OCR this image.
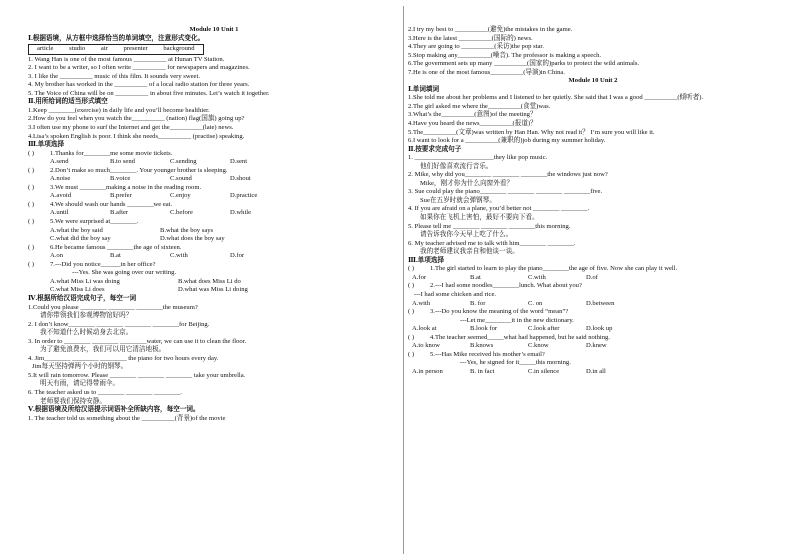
Module 10 Unit 1
Ⅰ.根据语境，从方框中选择恰当的单词填空，注意形式变化。
article studio air presenter background
1. Wang Han is one of the most famous __________ at Hunan TV Station.
2. I want to be a writer, so I often write __________ for newspapers and magazines.
3. I like the __________ music of this film. It sounds very sweet.
4. My brother has worked in the __________ of a local radio station for three years.
5. The Voice of China will be on __________ in about five minutes. Let’s watch it together.
Ⅱ.用所给词的适当形式填空
1.Keep ________(exercise) in daily life and you’ll become healthier.
2.How do you feel when you watch the__________ (nation) flag(国旗) going up?
3.I often use my phone to surf the Internet and get the__________(late) news.
4.Lisa’s spoken English is poor. I think she needs__________ (practise) speaking.
Ⅲ.单项选择
( ) 1.Thanks for________me some movie tickets.
A.send	B.to send	C.sending	D.sent
( ) 2.Don’t make so much________. Your younger brother is sleeping.
A.noise	B.voice	C.sound	D.shout
( ) 3.We must ________making a noise in the reading room.
A.avoid	B.prefer	C.enjoy	D.practice
( ) 4.We should wash our hands ________we eat.
A.until	B.after	C.before	D.while
( ) 5.We were surprised at________.
A.what the boy said	B.what the boy says
C.what did the boy say	D.what does the boy say
( ) 6.He became famous ________the age of sixteen.
A.on	B.at	C.with	D.for
( ) 7.---Did you notice______in her office?
---Yes. She was going over our writing.
A.what Miss Li was doing	B.what does Miss Li do
C.what Miss Li does	D.what was Miss Li doing
Ⅳ.根据所给汉语完成句子，每空一词
1.Could you please ________ ________ ________the museum?
请你带领我们参观博物馆好吗？
2. I don’t know________ ________ ________ ________for Beijing.
我不知道什么时候动身去北京。
3. In order to ________ ________ ________water, we can use it to clean the floor.
为了避免浪费水，我们可以用它清洁地板。
4. Jim________ ________ ________ the piano for two hours every day.
Jim每天坚持弹两个小时的钢琴。
5.It will rain tomorrow. Please ________ ________ ________ take your umbrella.
明天有雨，请记得带雨伞。
6. The teacher asked us to ________ ________ ________.
老师要我们保持安静。
Ⅴ.根据语境及所给汉语提示词语补全所缺内容，每空一词。
1. The teacher told us something about the __________(背景)of the movie
2.I try my best to __________(避免)the mistakes in the game.
3.Here is the latest __________(国际的) news.
4.They are going to __________(采访)the pop star.
5.Stop making any__________(噪音). The professor is making a speech.
6.The government sets up many __________(国家的)parks to protect the wild animals.
7.He is one of the most famous__________(导演)in China.
Module 10 Unit 2
Ⅰ.单词填词
1.She told me about her problems and I listened to her quietly. She said that I was a good __________(倾听者).
2.The girl asked me where the__________(食堂)was.
3.What’s the__________(意图)of the meeting？
4.Have you heard the news__________(报道)？
5.The__________(文章)was written by Han Han. Why not read it？ I’m sure you will like it.
6.I want to look for a __________(兼职的)job during my summer holiday.
Ⅱ.按要求完成句子
1. ________________________they like pop music.
他们好像喜欢流行音乐。
2. Mike, why did you________ ________ ________the windows just now?
Mike，刚才你为什么向窗外看？
3. Sue could play the piano________ ________ ________ ________five.
Sue在五岁时就会弹钢琴。
4. If you are afraid on a plane, you’d better not ________ ________.
如果你在飞机上害怕，最好不要向下看。
5. Please tell me ________ ________ ________this morning.
请告诉我你今天早上吃了什么。
6. My teacher advised me to talk with him________ ________.
我的老师建议我亲自和他谈一谈。
Ⅲ.单项选择
( ) 1.The girl started to learn to play the piano________the age of five. Now she can play it well.
A.for	B.at	C.with	D.of
( ) 2.---I had some noodles________lunch. What about you?
---I had some chicken and rice.
A.with	B. for	C. on	D.between
( ) 3.---Do you know the meaning of the word “mean”?
---Let me________it in the new dictionary.
A.look at	B.look for	C.look after	D.look up
( ) 4.The teacher seemed_____what had happened, but he said nothing.
A.to know	B.knows	C.know	D.knew
( ) 5.---Has Mike received his mother’s email?
---Yes, he signed for it_____this morning.
A.in person	B. in fact	C.in silence	D.in all
